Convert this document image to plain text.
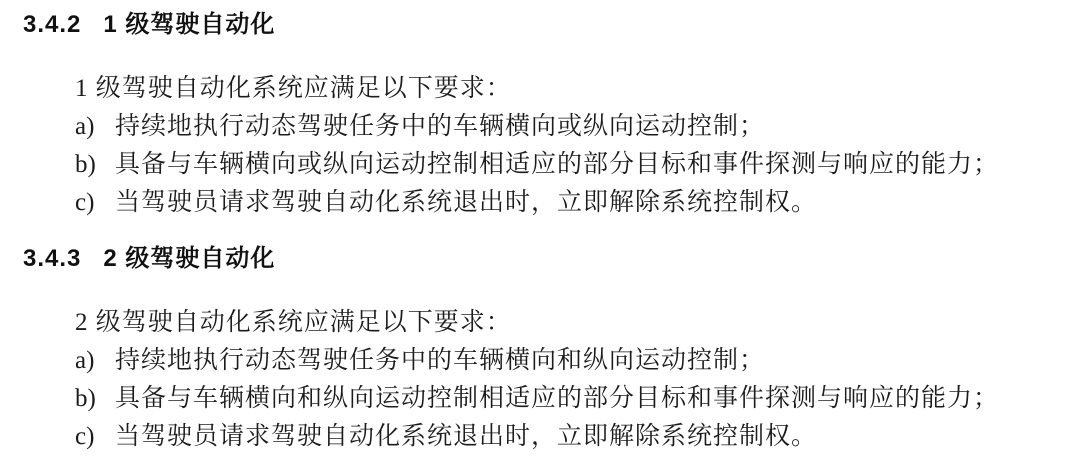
3.4.2 1 级驾驶自动化

1 级驾驶自动化系统应满足以下要求：

a) 持续地执行动态驾驶任务中的车辆横向或纵向运动控制；
b) 具备与车辆横向或纵向运动控制相适应的部分目标和事件探测与响应的能力；
c) 当驾驶员请求驾驶自动化系统退出时，立即解除系统控制权。
3.4.3 2 级驾驶自动化

2 级驾驶自动化系统应满足以下要求：

a) 持续地执行动态驾驶任务中的车辆横向和纵向运动控制；
b) 具备与车辆横向和纵向运动控制相适应的部分目标和事件探测与响应的能力；
c) 当驾驶员请求驾驶自动化系统退出时，立即解除系统控制权。
